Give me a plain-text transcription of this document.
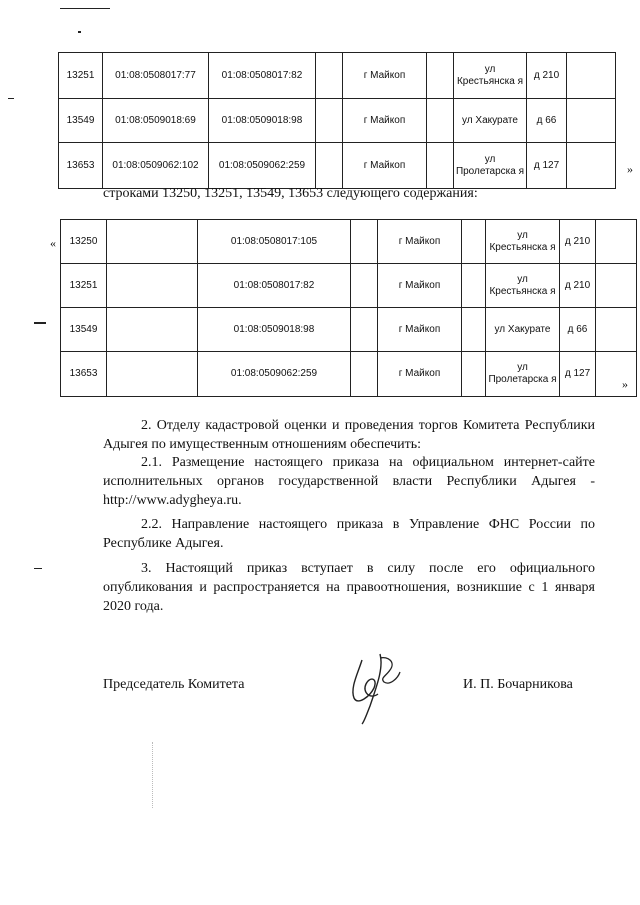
13251	01:08:0508017:77	01:08:0508017:82		г Майкоп		ул Крестьянска я	д 210	
13549	01:08:0509018:69	01:08:0509018:98		г Майкоп		ул Хакурате	д 66	
13653	01:08:0509062:102	01:08:0509062:259		г Майкоп		ул Пролетарска я	д 127		»
строками 13250, 13251, 13549, 13653 следующего содержания:
« 13250		01:08:0508017:105		г Майкоп		ул Крестьянска я	д 210	
13251		01:08:0508017:82		г Майкоп		ул Крестьянска я	д 210	
13549		01:08:0509018:98		г Майкоп		ул Хакурате	д 66	
13653		01:08:0509062:259		г Майкоп		ул Пролетарска я	д 127	
»

2. Отделу кадастровой оценки и проведения торгов Комитета Республики Адыгея по имущественным отношениям обеспечить:

2.1. Размещение настоящего приказа на официальном интернет-сайте исполнительных органов государственной власти Республики Адыгея - http://www.adygheya.ru.

2.2. Направление настоящего приказа в Управление ФНС России по Республике Адыгея.

3. Настоящий приказ вступает в силу после его официального опубликования и распространяется на правоотношения, возникшие с 1 января 2020 года.

Председатель Комитета	И. П. Бочарникова
